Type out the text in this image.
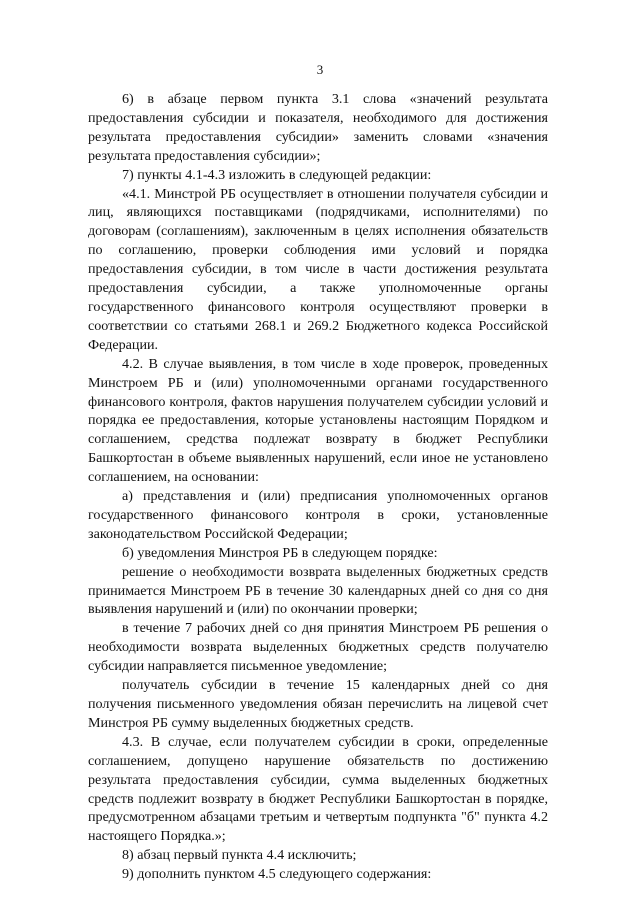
3

6) в абзаце первом пункта 3.1 слова «значений результата предоставления субсидии и показателя, необходимого для достижения результата предоставления субсидии» заменить словами «значения результата предоставления субсидии»;

7) пункты 4.1-4.3 изложить в следующей редакции:

«4.1. Минстрой РБ осуществляет в отношении получателя субсидии и лиц, являющихся поставщиками (подрядчиками, исполнителями) по договорам (соглашениям), заключенным в целях исполнения обязательств по соглашению, проверки соблюдения ими условий и порядка предоставления субсидии, в том числе в части достижения результата предоставления субсидии, а также уполномоченные органы государственного финансового контроля осуществляют проверки в соответствии со статьями 268.1 и 269.2 Бюджетного кодекса Российской Федерации.

4.2. В случае выявления, в том числе в ходе проверок, проведенных Минстроем РБ и (или) уполномоченными органами государственного финансового контроля, фактов нарушения получателем субсидии условий и порядка ее предоставления, которые установлены настоящим Порядком и соглашением, средства подлежат возврату в бюджет Республики Башкортостан в объеме выявленных нарушений, если иное не установлено соглашением, на основании:

а) представления и (или) предписания уполномоченных органов государственного финансового контроля в сроки, установленные законодательством Российской Федерации;

б) уведомления Минстроя РБ в следующем порядке:

решение о необходимости возврата выделенных бюджетных средств принимается Минстроем РБ в течение 30 календарных дней со дня со дня выявления нарушений и (или) по окончании проверки;

в течение 7 рабочих дней со дня принятия Минстроем РБ решения о необходимости возврата выделенных бюджетных средств получателю субсидии направляется письменное уведомление;

получатель субсидии в течение 15 календарных дней со дня получения письменного уведомления обязан перечислить на лицевой счет Минстроя РБ сумму выделенных бюджетных средств.

4.3. В случае, если получателем субсидии в сроки, определенные соглашением, допущено нарушение обязательств по достижению результата предоставления субсидии, сумма выделенных бюджетных средств подлежит возврату в бюджет Республики Башкортостан в порядке, предусмотренном абзацами третьим и четвертым подпункта "б" пункта 4.2 настоящего Порядка.»;

8) абзац первый пункта 4.4 исключить;

9) дополнить пунктом 4.5 следующего содержания:
